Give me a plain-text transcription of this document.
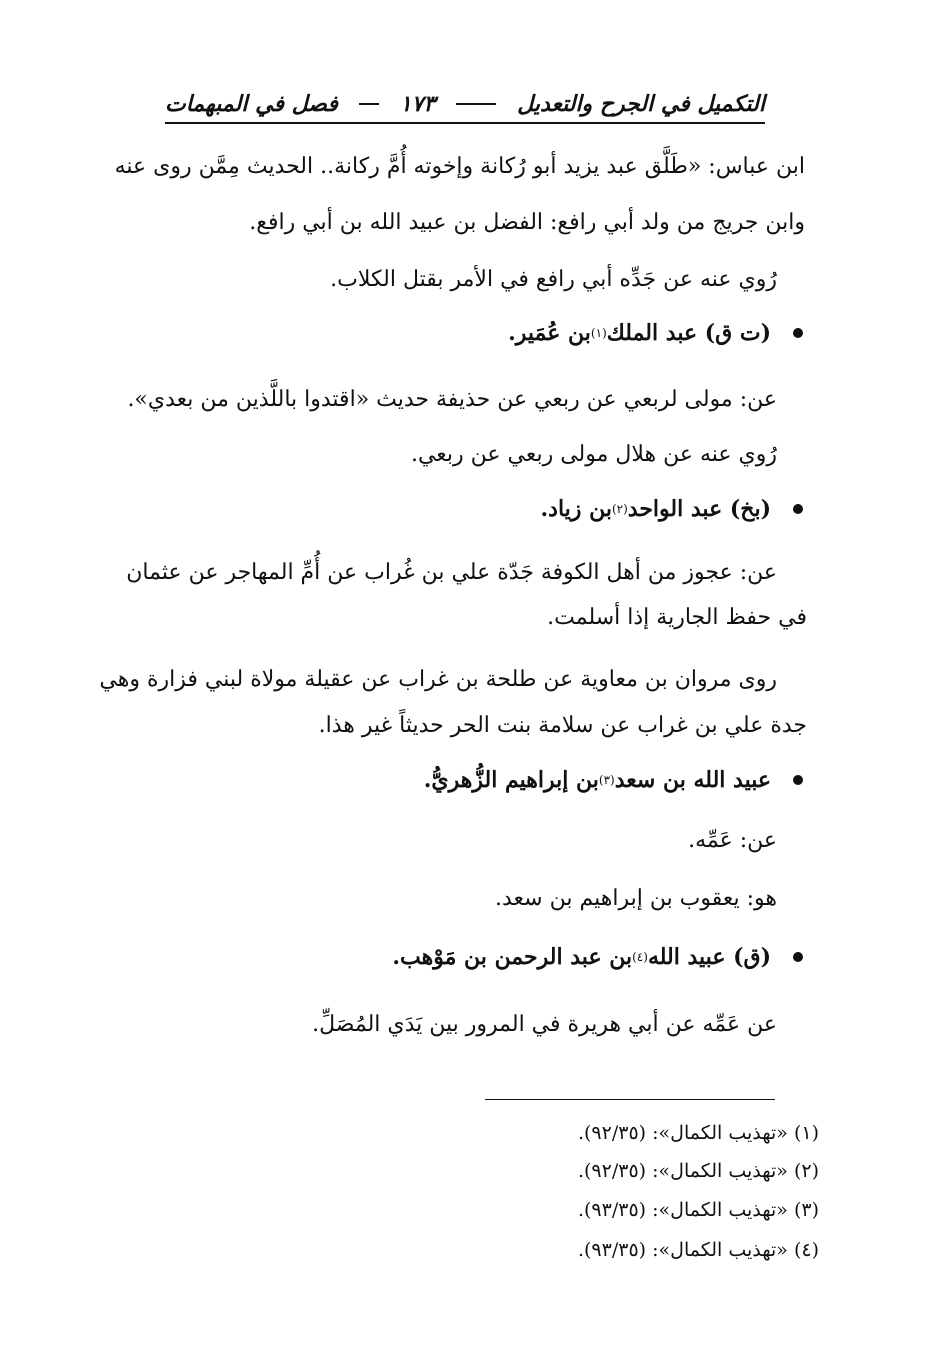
التكميل في الجرح والتعديل
١٧٣
فصل في المبهمات
ابن عباس: «طَلَّق عبد يزيد أبو رُكانة وإخوته أُمَّ ركانة.. الحديث مِمَّن روى عنه
وابن جريج من ولد أبي رافع: الفضل بن عبيد الله بن أبي رافع.
رُوي عنه عن جَدِّه أبي رافع في الأمر بقتل الكلاب.
(ت ق) عبد الملك
(١)
بن عُمَير.
عن: مولى لربعي عن ربعي عن حذيفة حديث «اقتدوا باللَّذين من بعدي».
رُوي عنه عن هلال مولى ربعي عن ربعي.
(بخ) عبد الواحد
(٢)
بن زياد.
عن: عجوز من أهل الكوفة جَدّة علي بن غُراب عن أُمِّ المهاجر عن عثمان
في حفظ الجارية إذا أسلمت.
روى مروان بن معاوية عن طلحة بن غراب عن عقيلة مولاة لبني فزارة وهي
جدة علي بن غراب عن سلامة بنت الحر حديثاً غير هذا.
عبيد الله بن سعد
(٣)
بن إبراهيم الزُّهريُّ.
عن: عَمِّه.
هو: يعقوب بن إبراهيم بن سعد.
(ق) عبيد الله
(٤)
بن عبد الرحمن بن مَوْهب.
عن عَمِّه عن أبي هريرة في المرور بين يَدَي المُصَلِّ.
(١) «تهذيب الكمال»: (٩٢/٣٥).
(٢) «تهذيب الكمال»: (٩٢/٣٥).
(٣) «تهذيب الكمال»: (٩٣/٣٥).
(٤) «تهذيب الكمال»: (٩٣/٣٥).
